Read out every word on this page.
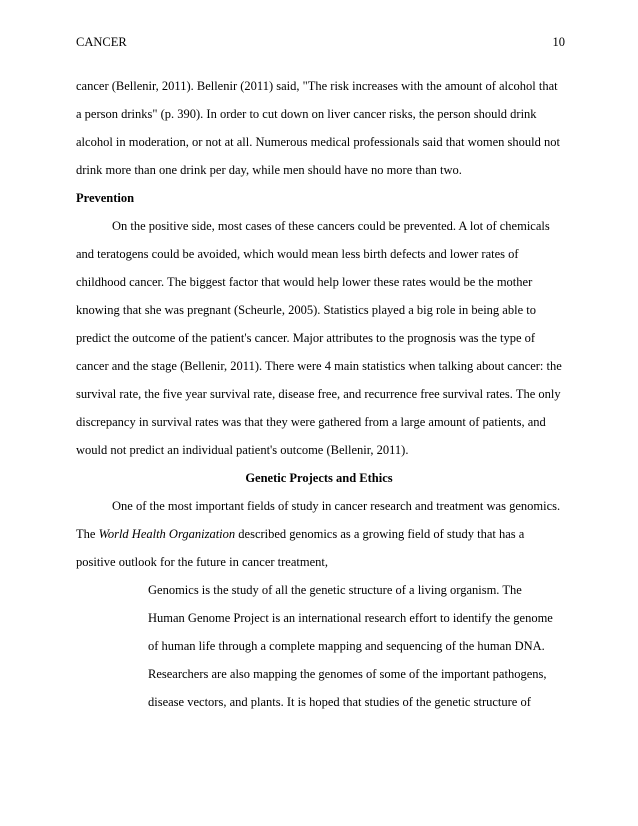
CANCER	10
cancer (Bellenir, 2011). Bellenir (2011) said, "The risk increases with the amount of alcohol that
a person drinks" (p. 390). In order to cut down on liver cancer risks, the person should drink
alcohol in moderation, or not at all. Numerous medical professionals said that women should not
drink more than one drink per day, while men should have no more than two.
Prevention
On the positive side, most cases of these cancers could be prevented. A lot of chemicals
and teratogens could be avoided, which would mean less birth defects and lower rates of
childhood cancer. The biggest factor that would help lower these rates would be the mother
knowing that she was pregnant (Scheurle, 2005). Statistics played a big role in being able to
predict the outcome of the patient's cancer. Major attributes to the prognosis was the type of
cancer and the stage (Bellenir, 2011). There were 4 main statistics when talking about cancer: the
survival rate, the five year survival rate, disease free, and recurrence free survival rates. The only
discrepancy in survival rates was that they were gathered from a large amount of patients, and
would not predict an individual patient's outcome (Bellenir, 2011).
Genetic Projects and Ethics
One of the most important fields of study in cancer research and treatment was genomics.
The World Health Organization described genomics as a growing field of study that has a
positive outlook for the future in cancer treatment,
Genomics is the study of all the genetic structure of a living organism. The
Human Genome Project is an international research effort to identify the genome
of human life through a complete mapping and sequencing of the human DNA.
Researchers are also mapping the genomes of some of the important pathogens,
disease vectors, and plants. It is hoped that studies of the genetic structure of
